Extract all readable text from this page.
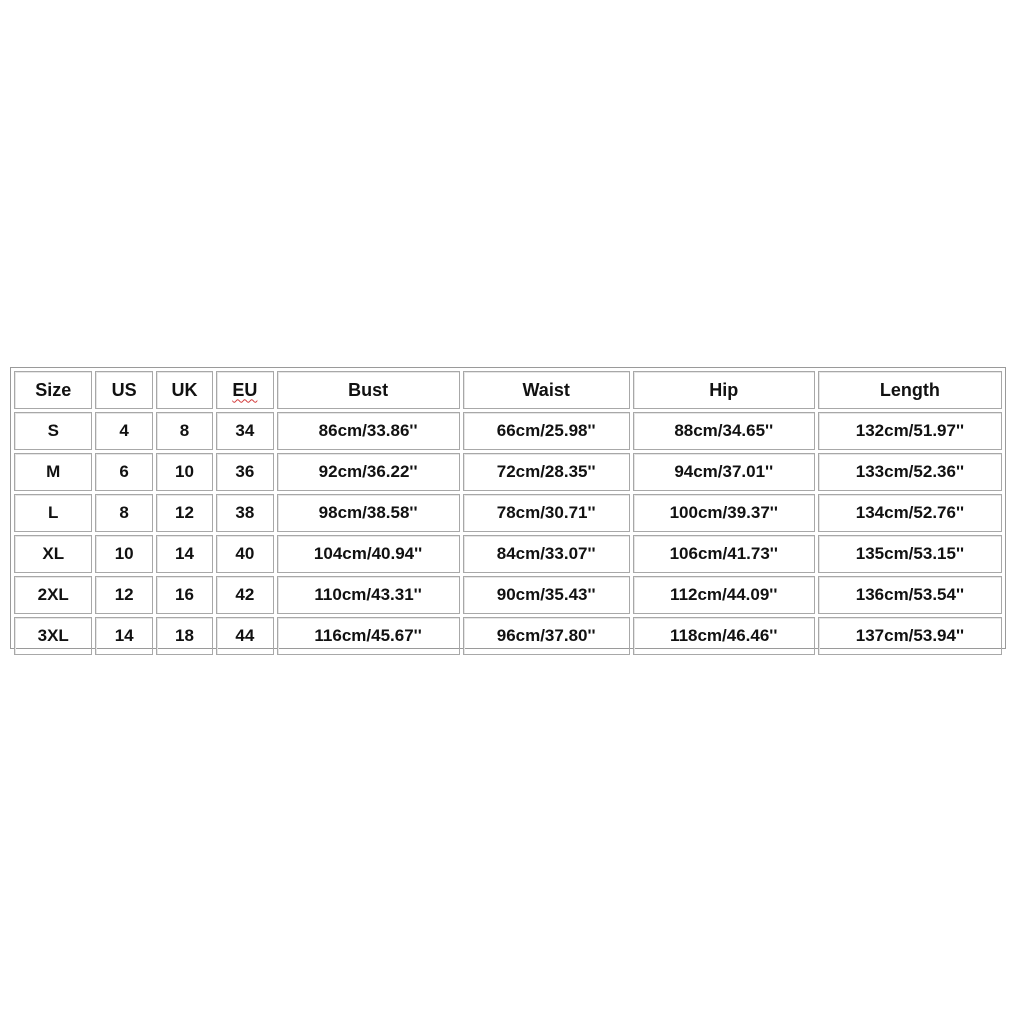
Size	US	UK	EU	Bust	Waist	Hip	Length
S	4	8	34	86cm/33.86''	66cm/25.98''	88cm/34.65''	132cm/51.97''
M	6	10	36	92cm/36.22''	72cm/28.35''	94cm/37.01''	133cm/52.36''
L	8	12	38	98cm/38.58''	78cm/30.71''	100cm/39.37''	134cm/52.76''
XL	10	14	40	104cm/40.94''	84cm/33.07''	106cm/41.73''	135cm/53.15''
2XL	12	16	42	110cm/43.31''	90cm/35.43''	112cm/44.09''	136cm/53.54''
3XL	14	18	44	116cm/45.67''	96cm/37.80''	118cm/46.46''	137cm/53.94''
